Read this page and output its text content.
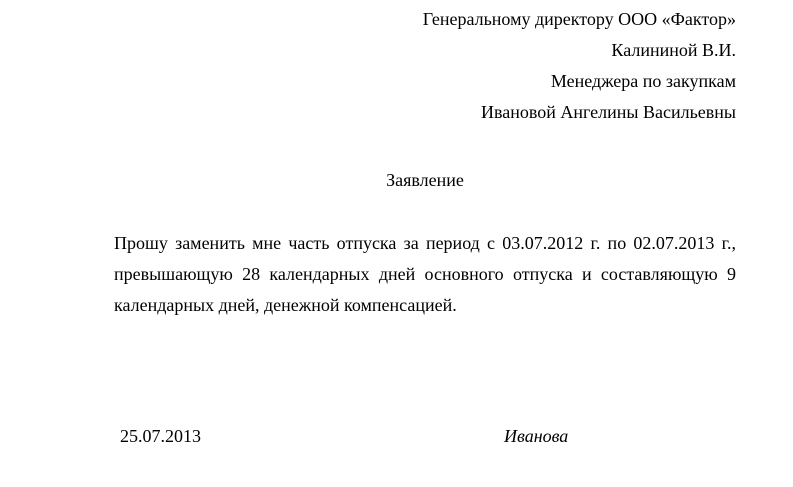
Генеральному директору ООО «Фактор»
Калининой В.И.
Менеджера по закупкам
Ивановой Ангелины Васильевны
Заявление

Прошу заменить мне часть отпуска за период с 03.07.2012 г. по 02.07.2013 г., превышающую 28 календарных дней основного отпуска и составляющую 9 календарных дней, денежной компенсацией.

25.07.2013	Иванова
